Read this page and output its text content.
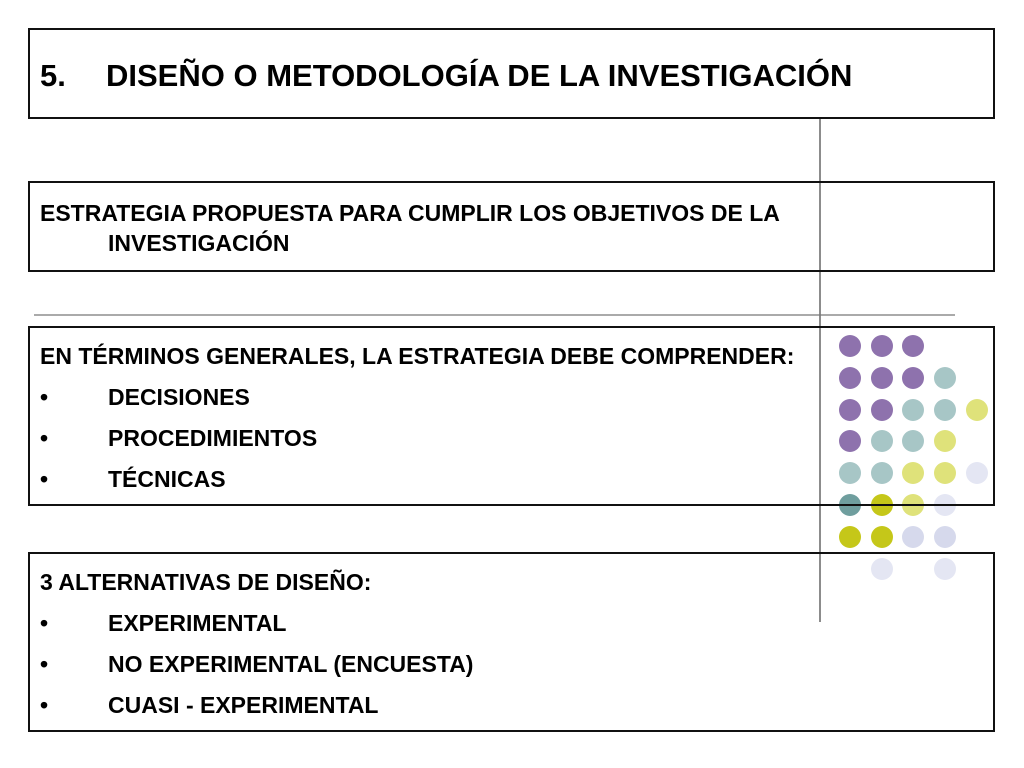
5. DISEÑO O METODOLOGÍA DE LA INVESTIGACIÓN
ESTRATEGIA PROPUESTA PARA CUMPLIR LOS OBJETIVOS DE LA
INVESTIGACIÓN
EN TÉRMINOS GENERALES, LA ESTRATEGIA DEBE COMPRENDER:
•	DECISIONES
•	PROCEDIMIENTOS
•	TÉCNICAS
3 ALTERNATIVAS DE DISEÑO:
•	EXPERIMENTAL
•	NO EXPERIMENTAL (ENCUESTA)
•	CUASI - EXPERIMENTAL
